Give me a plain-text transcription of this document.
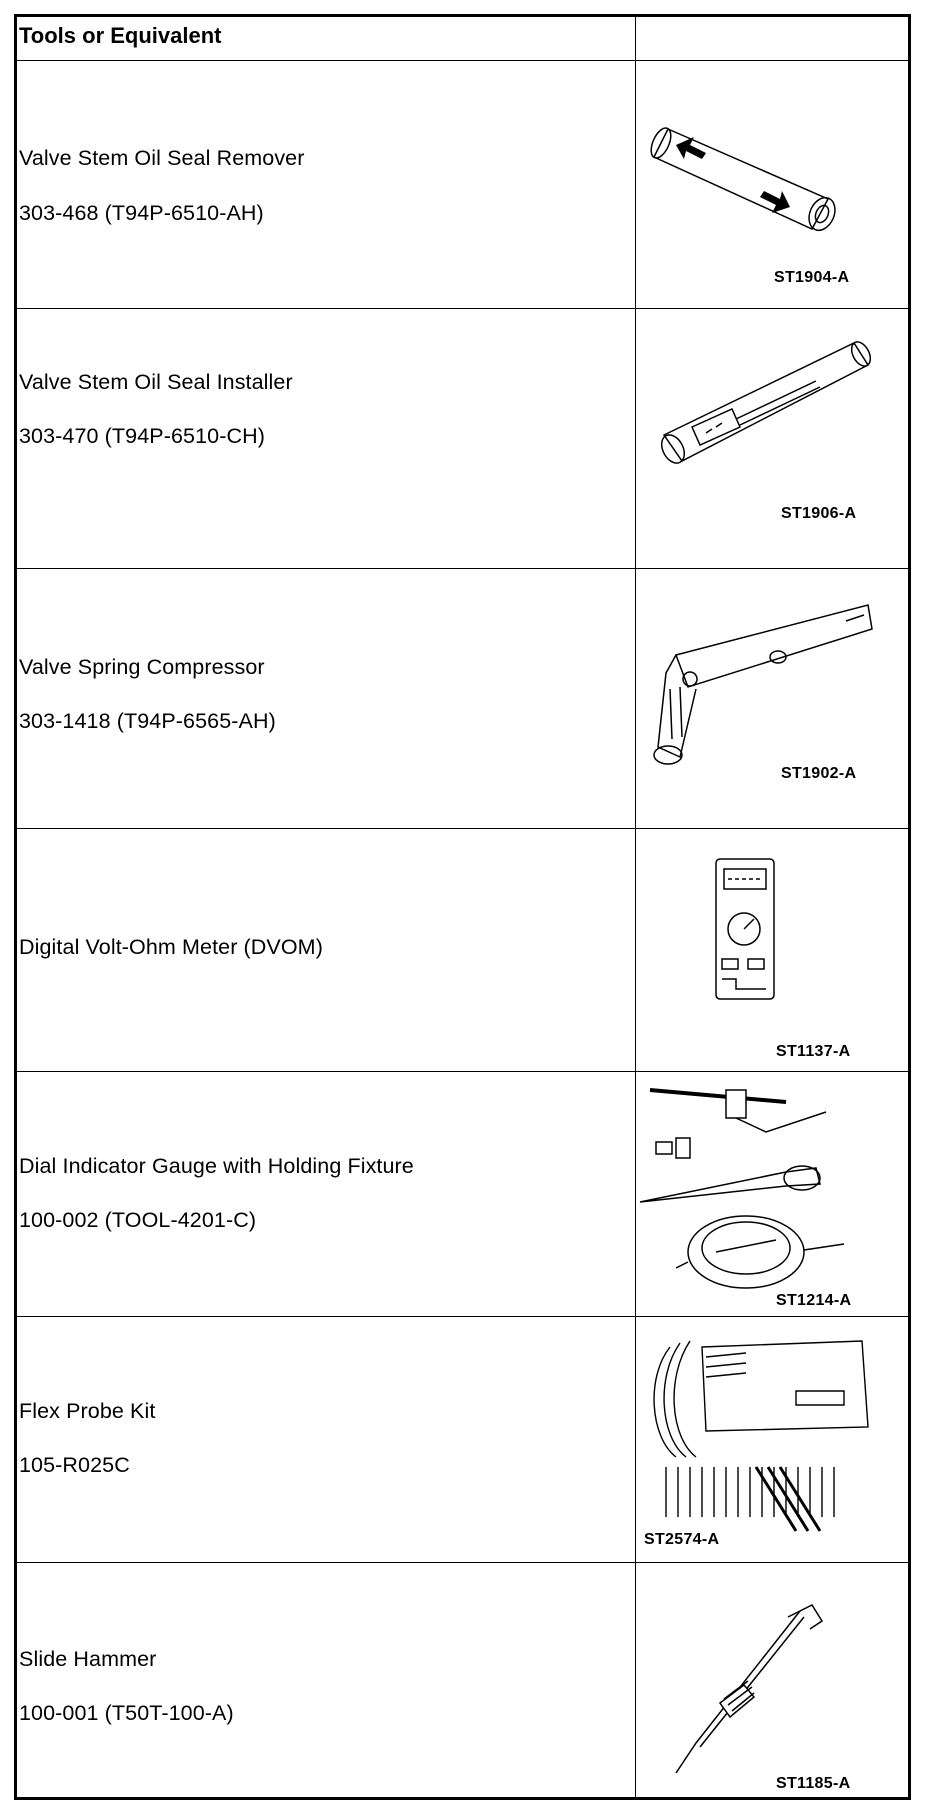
Tools or Equivalent
Valve Stem Oil Seal Remover
303-468 (T94P-6510-AH)
ST1904-A
Valve Stem Oil Seal Installer
303-470 (T94P-6510-CH)
ST1906-A
Valve Spring Compressor
303-1418 (T94P-6565-AH)
ST1902-A
Digital Volt-Ohm Meter (DVOM)
ST1137-A
Dial Indicator Gauge with Holding Fixture
100-002 (TOOL-4201-C)
ST1214-A
Flex Probe Kit
105-R025C
ST2574-A
Slide Hammer
100-001 (T50T-100-A)
ST1185-A
